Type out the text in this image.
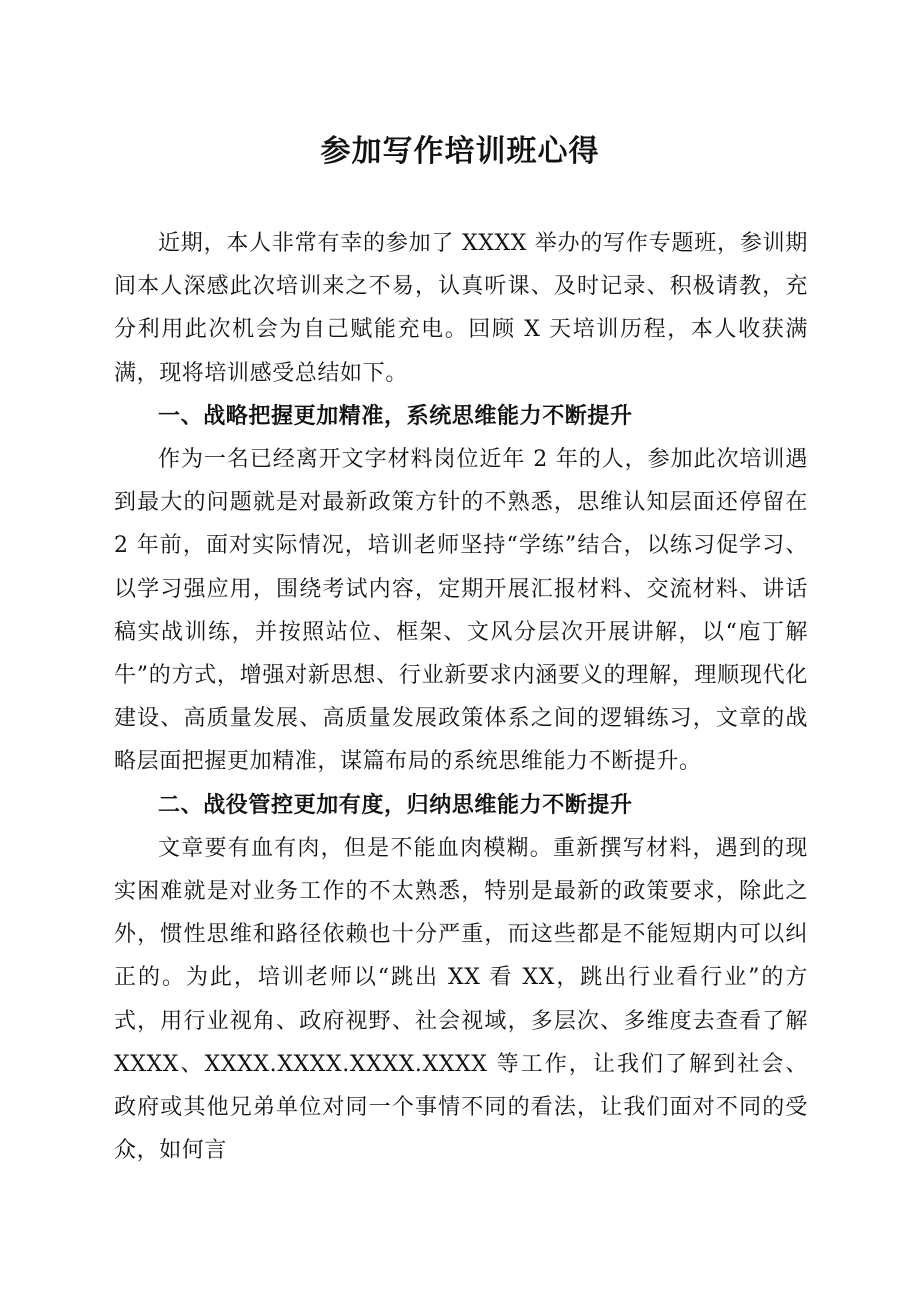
参加写作培训班心得

近期，本人非常有幸的参加了 XXXX 举办的写作专题班，参训期间本人深感此次培训来之不易，认真听课、及时记录、积极请教，充分利用此次机会为自己赋能充电。回顾 X 天培训历程，本人收获满满，现将培训感受总结如下。

一、战略把握更加精准，系统思维能力不断提升

作为一名已经离开文字材料岗位近年 2 年的人，参加此次培训遇到最大的问题就是对最新政策方针的不熟悉，思维认知层面还停留在 2 年前，面对实际情况，培训老师坚持“学练”结合，以练习促学习、以学习强应用，围绕考试内容，定期开展汇报材料、交流材料、讲话稿实战训练，并按照站位、框架、文风分层次开展讲解，以“庖丁解牛”的方式，增强对新思想、行业新要求内涵要义的理解，理顺现代化建设、高质量发展、高质量发展政策体系之间的逻辑练习，文章的战略层面把握更加精准，谋篇布局的系统思维能力不断提升。

二、战役管控更加有度，归纳思维能力不断提升

文章要有血有肉，但是不能血肉模糊。重新撰写材料，遇到的现实困难就是对业务工作的不太熟悉，特别是最新的政策要求，除此之外，惯性思维和路径依赖也十分严重，而这些都是不能短期内可以纠正的。为此，培训老师以“跳出 XX 看 XX，跳出行业看行业”的方式，用行业视角、政府视野、社会视域，多层次、多维度去查看了解 XXXX、XXXX.XXXX.XXXX.XXXX 等工作，让我们了解到社会、政府或其他兄弟单位对同一个事情不同的看法，让我们面对不同的受众，如何言
